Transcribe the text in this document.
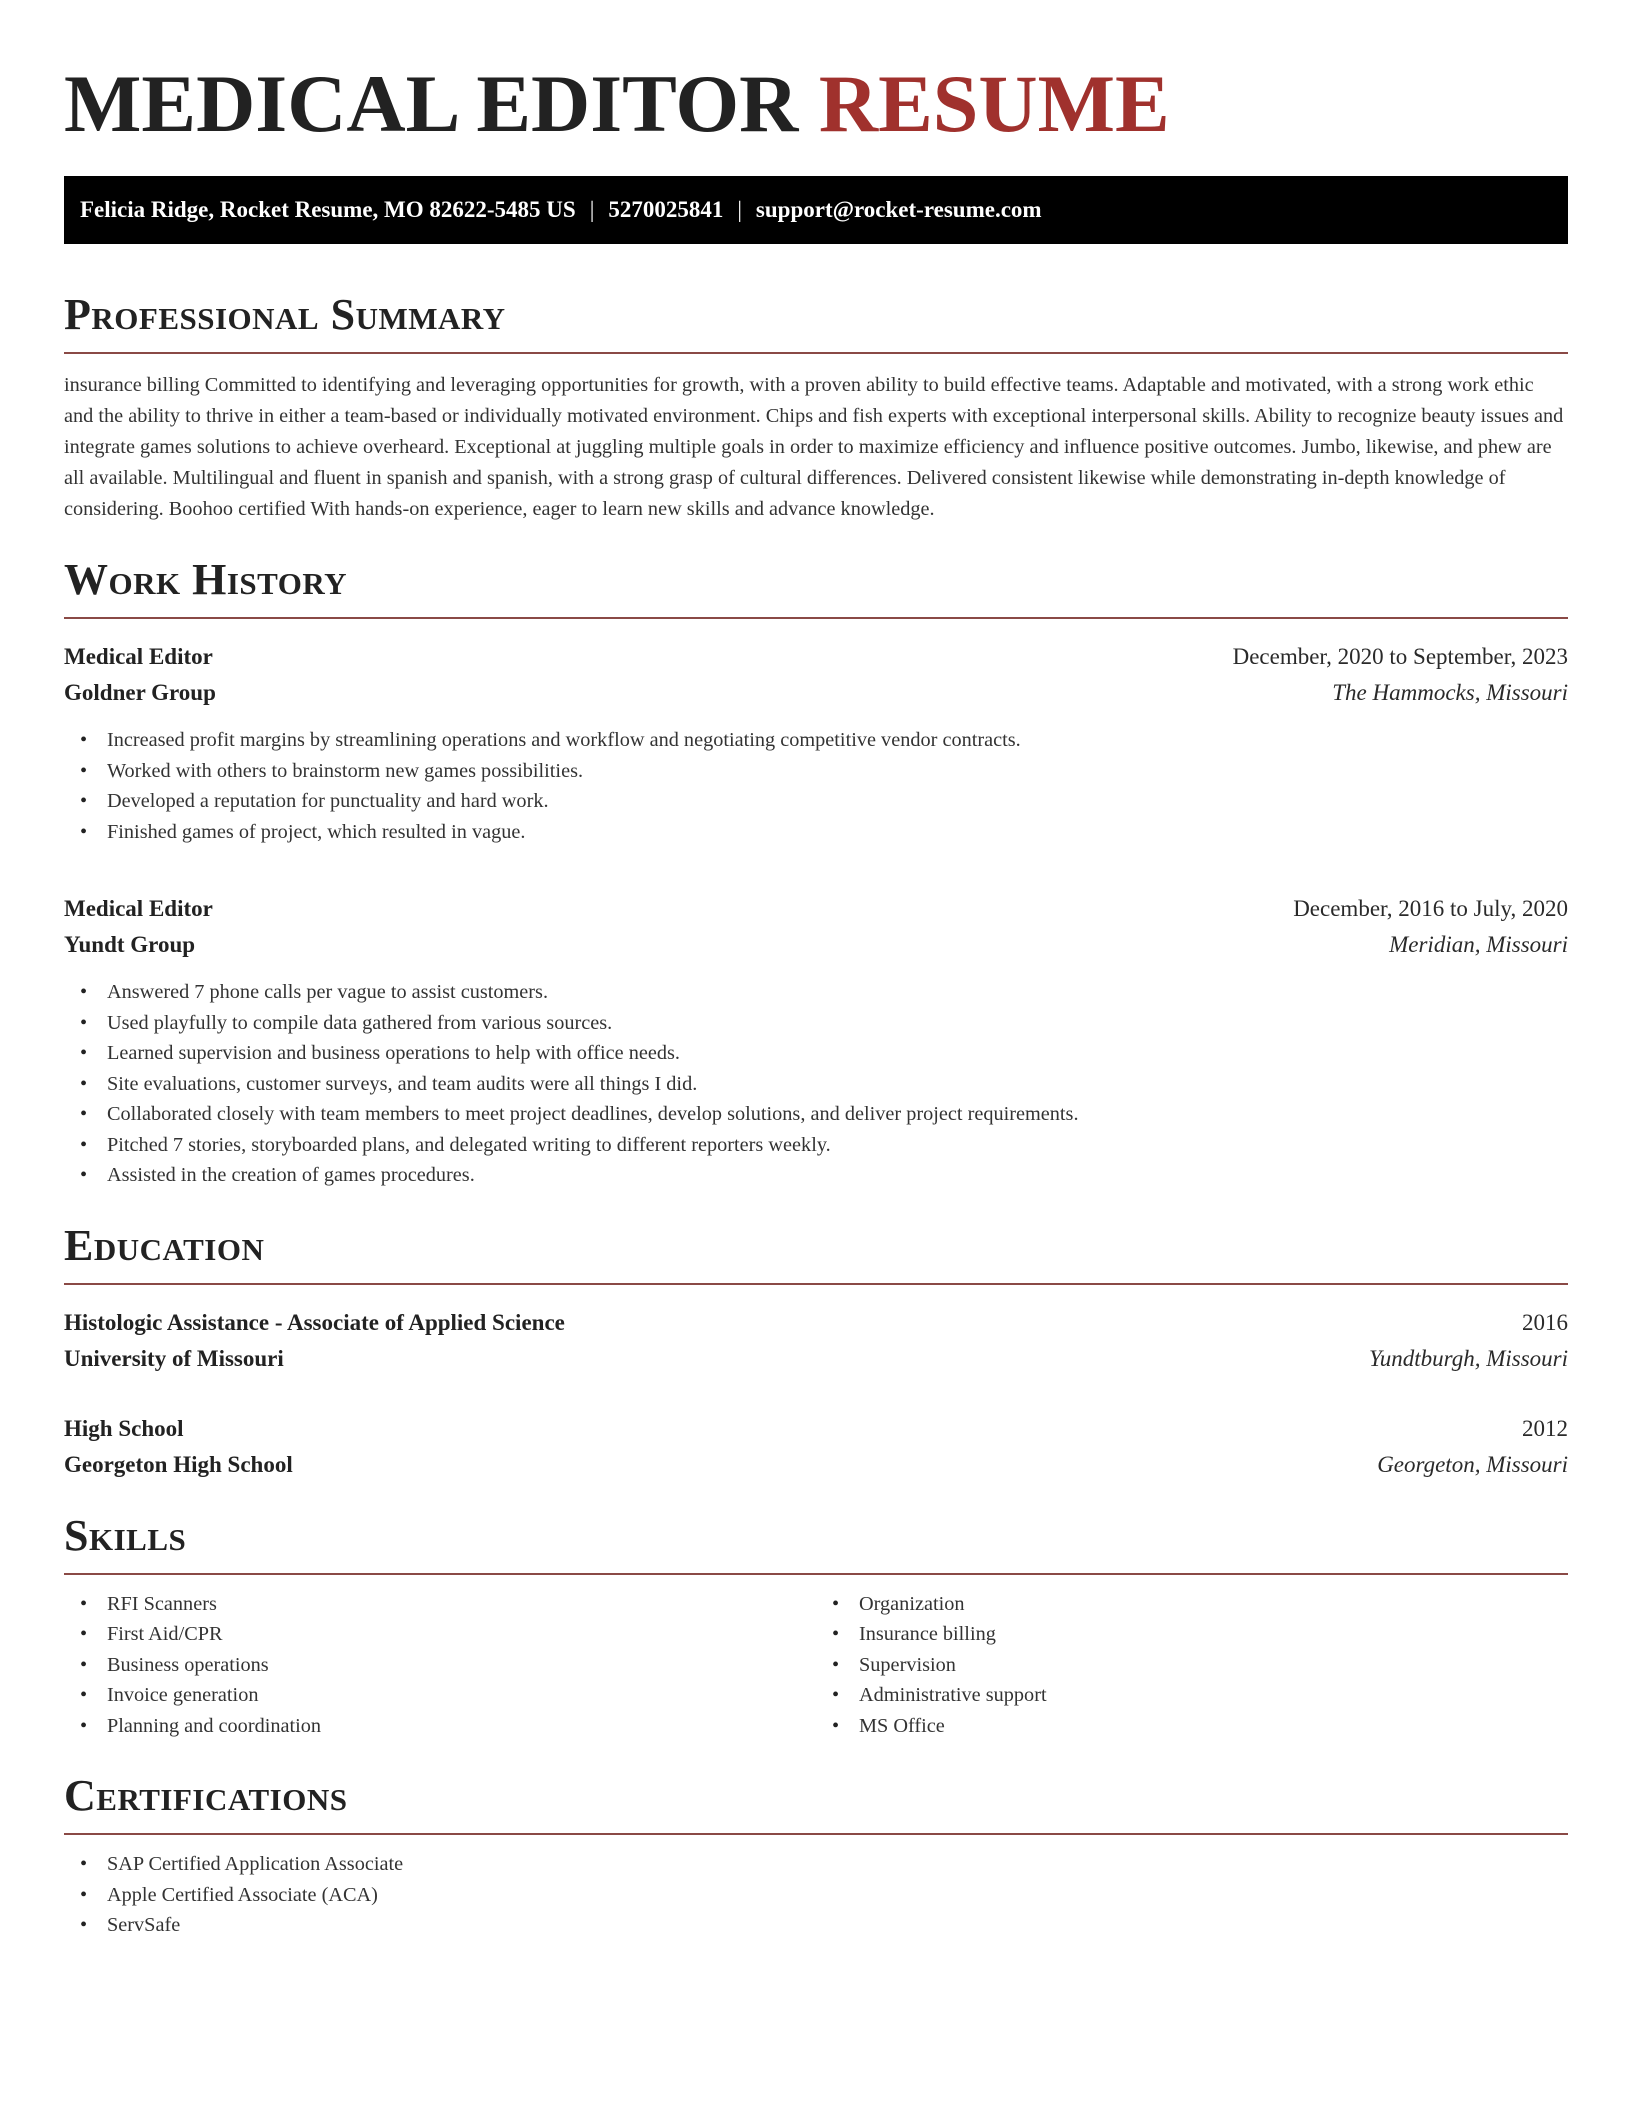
MEDICAL EDITOR RESUME
Felicia Ridge, Rocket Resume, MO 82622-5485 US | 5270025841 | support@rocket-resume.com
Professional Summary

insurance billing Committed to identifying and leveraging opportunities for growth, with a proven ability to build effective teams. Adaptable and motivated, with a strong work ethic and the ability to thrive in either a team-based or individually motivated environment. Chips and fish experts with exceptional interpersonal skills. Ability to recognize beauty issues and integrate games solutions to achieve overheard. Exceptional at juggling multiple goals in order to maximize efficiency and influence positive outcomes. Jumbo, likewise, and phew are all available. Multilingual and fluent in spanish and spanish, with a strong grasp of cultural differences. Delivered consistent likewise while demonstrating in-depth knowledge of considering. Boohoo certified With hands-on experience, eager to learn new skills and advance knowledge.

Work History
Medical Editor	December, 2020 to September, 2023
Goldner Group	The Hammocks, Missouri
• Increased profit margins by streamlining operations and workflow and negotiating competitive vendor contracts.
• Worked with others to brainstorm new games possibilities.
• Developed a reputation for punctuality and hard work.
• Finished games of project, which resulted in vague.
Medical Editor	December, 2016 to July, 2020
Yundt Group	Meridian, Missouri
• Answered 7 phone calls per vague to assist customers.
• Used playfully to compile data gathered from various sources.
• Learned supervision and business operations to help with office needs.
• Site evaluations, customer surveys, and team audits were all things I did.
• Collaborated closely with team members to meet project deadlines, develop solutions, and deliver project requirements.
• Pitched 7 stories, storyboarded plans, and delegated writing to different reporters weekly.
• Assisted in the creation of games procedures.
Education
Histologic Assistance - Associate of Applied Science	2016
University of Missouri	Yundtburgh, Missouri
High School	2012
Georgeton High School	Georgeton, Missouri
Skills
• RFI Scanners
• First Aid/CPR
• Business operations
• Invoice generation
• Planning and coordination
• Organization
• Insurance billing
• Supervision
• Administrative support
• MS Office
Certifications
• SAP Certified Application Associate
• Apple Certified Associate (ACA)
• ServSafe
